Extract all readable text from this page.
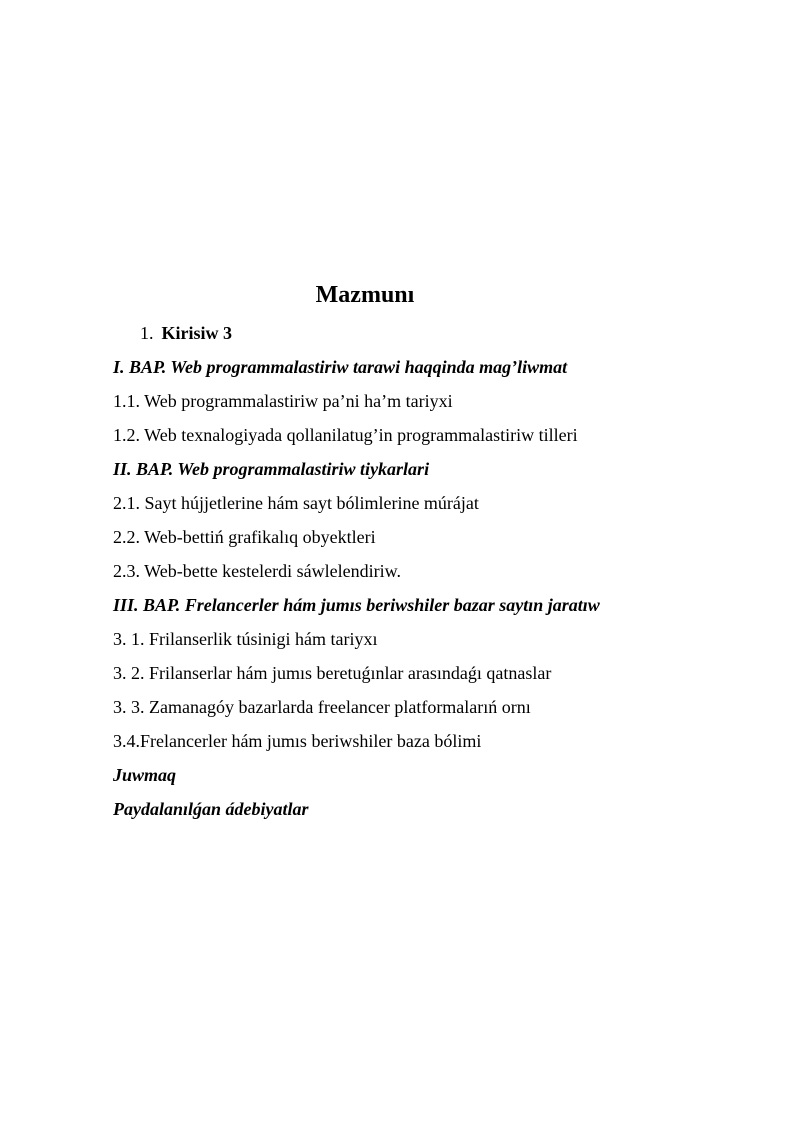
Mazmunı
1. Kirisiw 3
I. BAP. Web programmalastiriw tarawi haqqinda mag’liwmat
1.1. Web programmalastiriw pa’ni ha’m tariyxi
1.2. Web texnalogiyada qollanilatug’in programmalastiriw tilleri
II. BAP. Web programmalastiriw tiykarlari
2.1. Sayt hújjetlerine hám sayt bólimlerine múrájat
2.2. Web-bettiń grafikalıq obyektleri
2.3. Web-bette kestelerdi sáwlelendiriw.
III. BAP. Frelancerler hám jumıs beriwshiler bazar saytın jaratıw
3. 1. Frilanserlik túsinigi hám tariyxı
3. 2. Frilanserlar hám jumıs beretuǵınlar arasındaǵı qatnaslar
3. 3. Zamanagóy bazarlarda freelancer platformalarıń ornı
3.4.Frelancerler hám jumıs beriwshiler baza bólimi
Juwmaq
Paydalanılǵan ádebiyatlar
